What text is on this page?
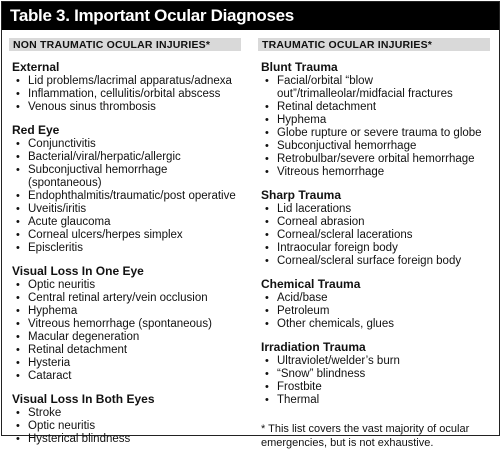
Table 3. Important Ocular Diagnoses
NON TRAUMATIC OCULAR INJURIES*
External
• Lid problems/lacrimal apparatus/adnexa
• Inflammation, cellulitis/orbital abscess
• Venous sinus thrombosis
Red Eye
• Conjunctivitis
• Bacterial/viral/herpatic/allergic
• Subconjuctival hemorrhage (spontaneous)
• Endophthalmitis/traumatic/post operative
• Uveitis/iritis
• Acute glaucoma
• Corneal ulcers/herpes simplex
• Episcleritis
Visual Loss In One Eye
• Optic neuritis
• Central retinal artery/vein occlusion
• Hyphema
• Vitreous hemorrhage (spontaneous)
• Macular degeneration
• Retinal detachment
• Hysteria
• Cataract
Visual Loss In Both Eyes
• Stroke
• Optic neuritis
• Hysterical blindness
TRAUMATIC OCULAR INJURIES*
Blunt Trauma
• Facial/orbital “blow out”/trimalleolar/midfacial fractures
• Retinal detachment
• Hyphema
• Globe rupture or severe trauma to globe
• Subconjuctival hemorrhage
• Retrobulbar/severe orbital hemorrhage
• Vitreous hemorrhage
Sharp Trauma
• Lid lacerations
• Corneal abrasion
• Corneal/scleral lacerations
• Intraocular foreign body
• Corneal/scleral surface foreign body
Chemical Trauma
• Acid/base
• Petroleum
• Other chemicals, glues
Irradiation Trauma
• Ultraviolet/welder’s burn
• “Snow” blindness
• Frostbite
• Thermal
* This list covers the vast majority of ocular emergencies, but is not exhaustive.
